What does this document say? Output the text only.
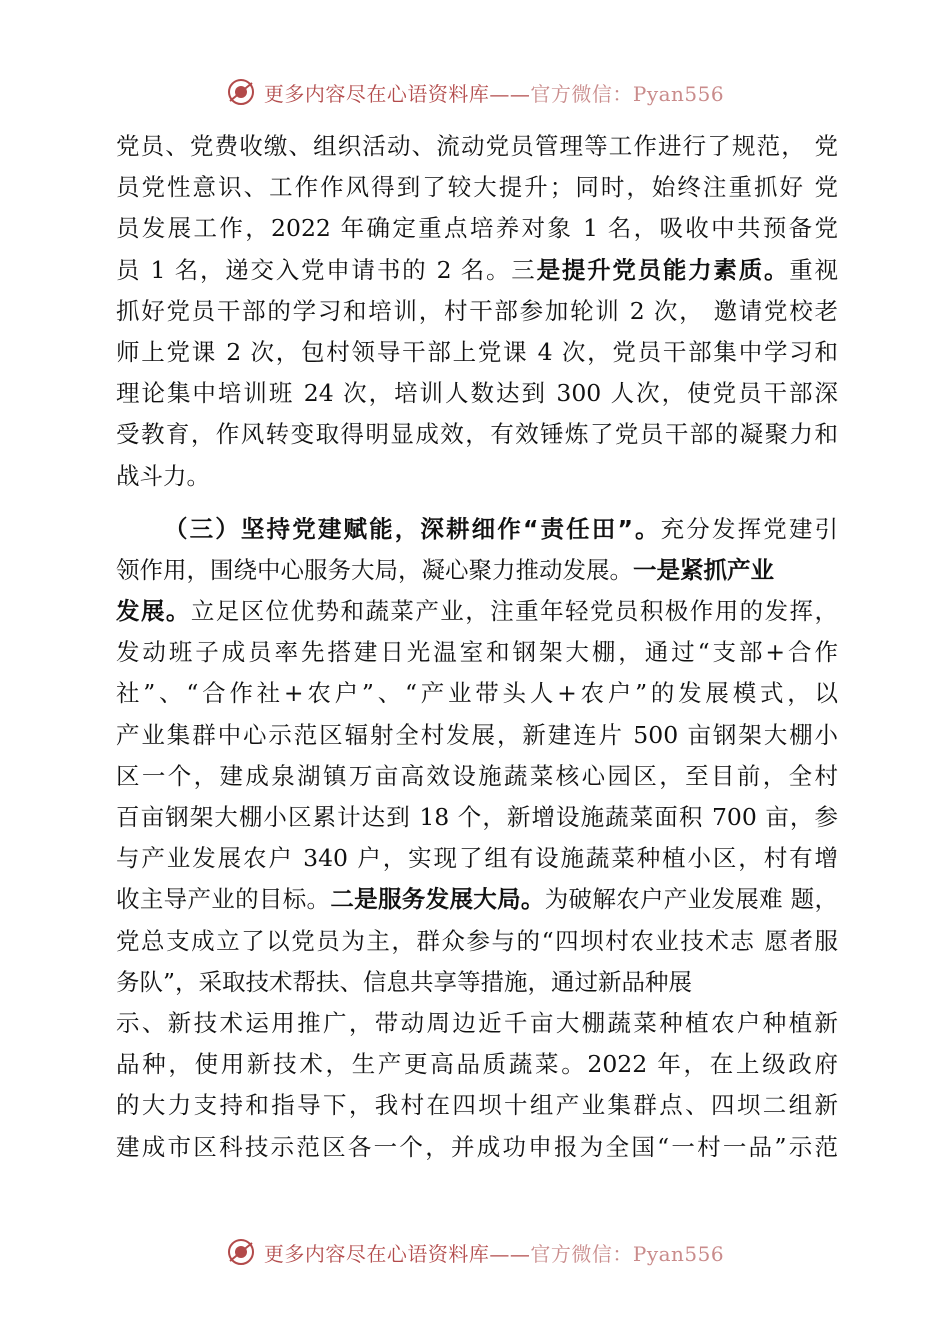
更多内容尽在心语资料库——官方微信：Pyan556
党员、党费收缴、组织活动、流动党员管理等工作进行了规范， 党
员党性意识、工作作风得到了较大提升；同时，始终注重抓好 党
员发展工作，2022 年确定重点培养对象 1 名，吸收中共预备党
员 1 名，递交入党申请书的 2 名。三是提升党员能力素质。重视
抓好党员干部的学习和培训，村干部参加轮训 2 次， 邀请党校老
师上党课 2 次，包村领导干部上党课 4 次，党员干部集中学习和
理论集中培训班 24 次，培训人数达到 300 人次，使党员干部深
受教育，作风转变取得明显成效，有效锤炼了党员干部的凝聚力和
战斗力。
（三）坚持党建赋能，深耕细作“责任田”。充分发挥党建引
领作用，围绕中心服务大局，凝心聚力推动发展。一是紧抓产业
发展。立足区位优势和蔬菜产业，注重年轻党员积极作用的发挥，
发动班子成员率先搭建日光温室和钢架大棚，通过“支部+合作
社”、“合作社+农户”、“产业带头人+农户”的发展模式，以
产业集群中心示范区辐射全村发展，新建连片 500 亩钢架大棚小
区一个，建成泉湖镇万亩高效设施蔬菜核心园区，至目前，全村
百亩钢架大棚小区累计达到 18 个，新增设施蔬菜面积 700 亩，参
与产业发展农户 340 户，实现了组有设施蔬菜种植小区，村有增
收主导产业的目标。二是服务发展大局。为破解农户产业发展难 题，
党总支成立了以党员为主，群众参与的“四坝村农业技术志 愿者服
务队”，采取技术帮扶、信息共享等措施，通过新品种展
示、新技术运用推广，带动周边近千亩大棚蔬菜种植农户种植新
品种，使用新技术，生产更高品质蔬菜。2022 年，在上级政府
的大力支持和指导下，我村在四坝十组产业集群点、四坝二组新
建成市区科技示范区各一个，并成功申报为全国“一村一品”示范
更多内容尽在心语资料库——官方微信：Pyan556
